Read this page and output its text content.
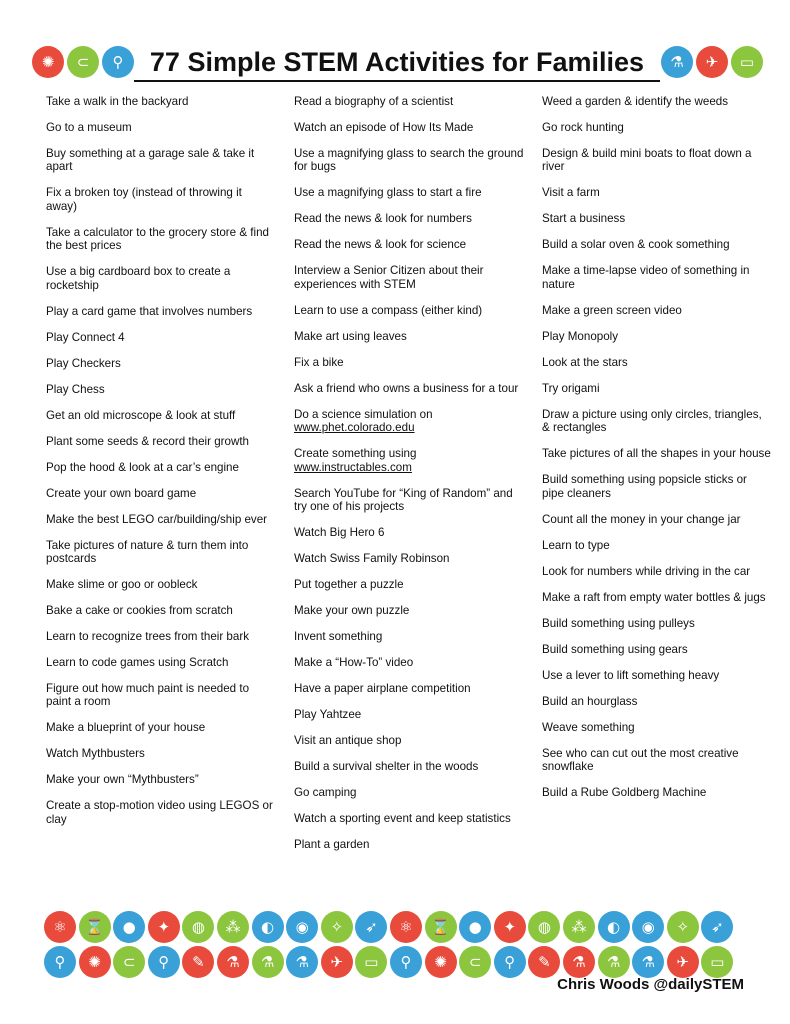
✺ ⊂ ⚲ 77 Simple STEM Activities for Families	⚗ ✈ ▭
Take a walk in the backyard
Go to a museum
Buy something at a garage sale & take it apart
Fix a broken toy (instead of throwing it away)
Take a calculator to the grocery store & find the best prices
Use a big cardboard box to create a rocketship
Play a card game that involves numbers
Play Connect 4
Play Checkers
Play Chess
Get an old microscope & look at stuff
Plant some seeds & record their growth
Pop the hood & look at a car’s engine
Create your own board game
Make the best LEGO car/building/ship ever
Take pictures of nature & turn them into postcards
Make slime or goo or oobleck
Bake a cake or cookies from scratch
Learn to recognize trees from their bark
Learn to code games using Scratch
Figure out how much paint is needed to paint a room
Make a blueprint of your house
Watch Mythbusters
Make your own “Mythbusters”
Create a stop-motion video using LEGOS or clay
Read a biography of a scientist
Watch an episode of How Its Made
Use a magnifying glass to search the ground for bugs
Use a magnifying glass to start a fire
Read the news & look for numbers
Read the news & look for science
Interview a Senior Citizen about their experiences with STEM
Learn to use a compass (either kind)
Make art using leaves
Fix a bike
Ask a friend who owns a business for a tour
Do a science simulation on
www.phet.colorado.edu
Create something using
www.instructables.com
Search YouTube for “King of Random” and try one of his projects
Watch Big Hero 6
Watch Swiss Family Robinson
Put together a puzzle
Make your own puzzle
Invent something
Make a “How-To” video
Have a paper airplane competition
Play Yahtzee
Visit an antique shop
Build a survival shelter in the woods
Go camping
Watch a sporting event and keep statistics
Plant a garden
Weed a garden & identify the weeds
Go rock hunting
Design & build mini boats to float down a river
Visit a farm
Start a business
Build a solar oven & cook something
Make a time-lapse video of something in nature
Make a green screen video
Play Monopoly
Look at the stars
Try origami
Draw a picture using only circles, triangles, & rectangles
Take pictures of all the shapes in your house
Build something using popsicle sticks or pipe cleaners
Count all the money in your change jar
Learn to type
Look for numbers while driving in the car
Make a raft from empty water bottles & jugs
Build something using pulleys
Build something using gears
Use a lever to lift something heavy
Build an hourglass
Weave something
See who can cut out the most creative snowflake
Build a Rube Goldberg Machine
⚛ ⌛ ● ✦ ◍ ⁂ ◐ ◉ ✧ ➶ ⚛ ⌛ ● ✦ ◍ ⁂ ◐ ◉ ✧ ➶
⚲ ✺ ⊂ ⚲ ✎ ⚗ ⚗ ⚗ ✈ ▭ ⚲ ✺ ⊂ ⚲ ✎ ⚗ ⚗ ⚗ ✈ ▭
Chris Woods @dailySTEM
